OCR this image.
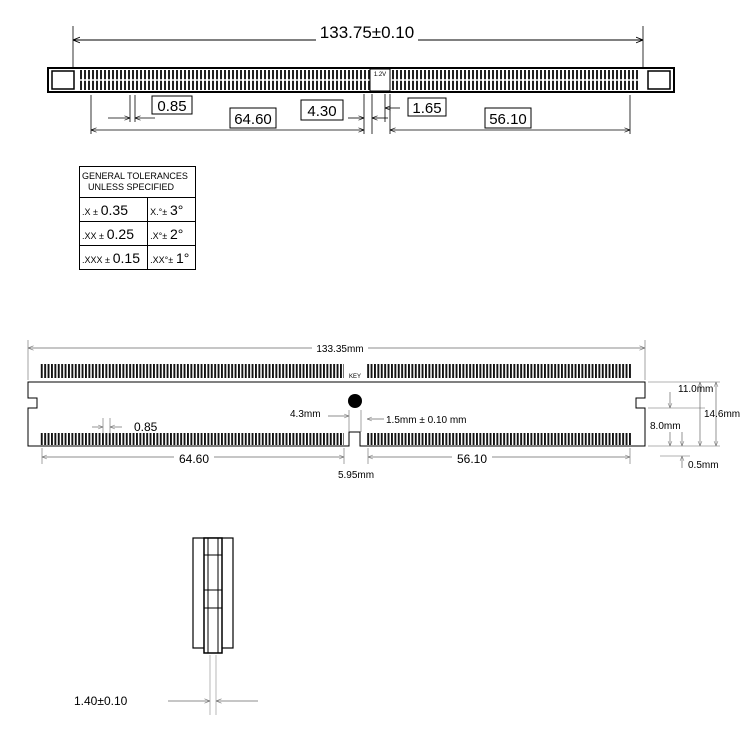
133.75±0.10
1.2V
0.85
64.60 4.30	1.65
56.10
133.35mm
KEY
4.3mm
1.5mm ± 0.10 mm
0.85
64.60	56.10
5.95mm
11.0mm
14.6mm
8.0mm
0.5mm
1.40±0.10
GENERAL TOLERANCES
UNLESS SPECIFIED	

.X ± 0.35	X.°± 3°
.XX ± 0.25	.X°± 2°
.XXX ± 0.15	.XX°± 1°
